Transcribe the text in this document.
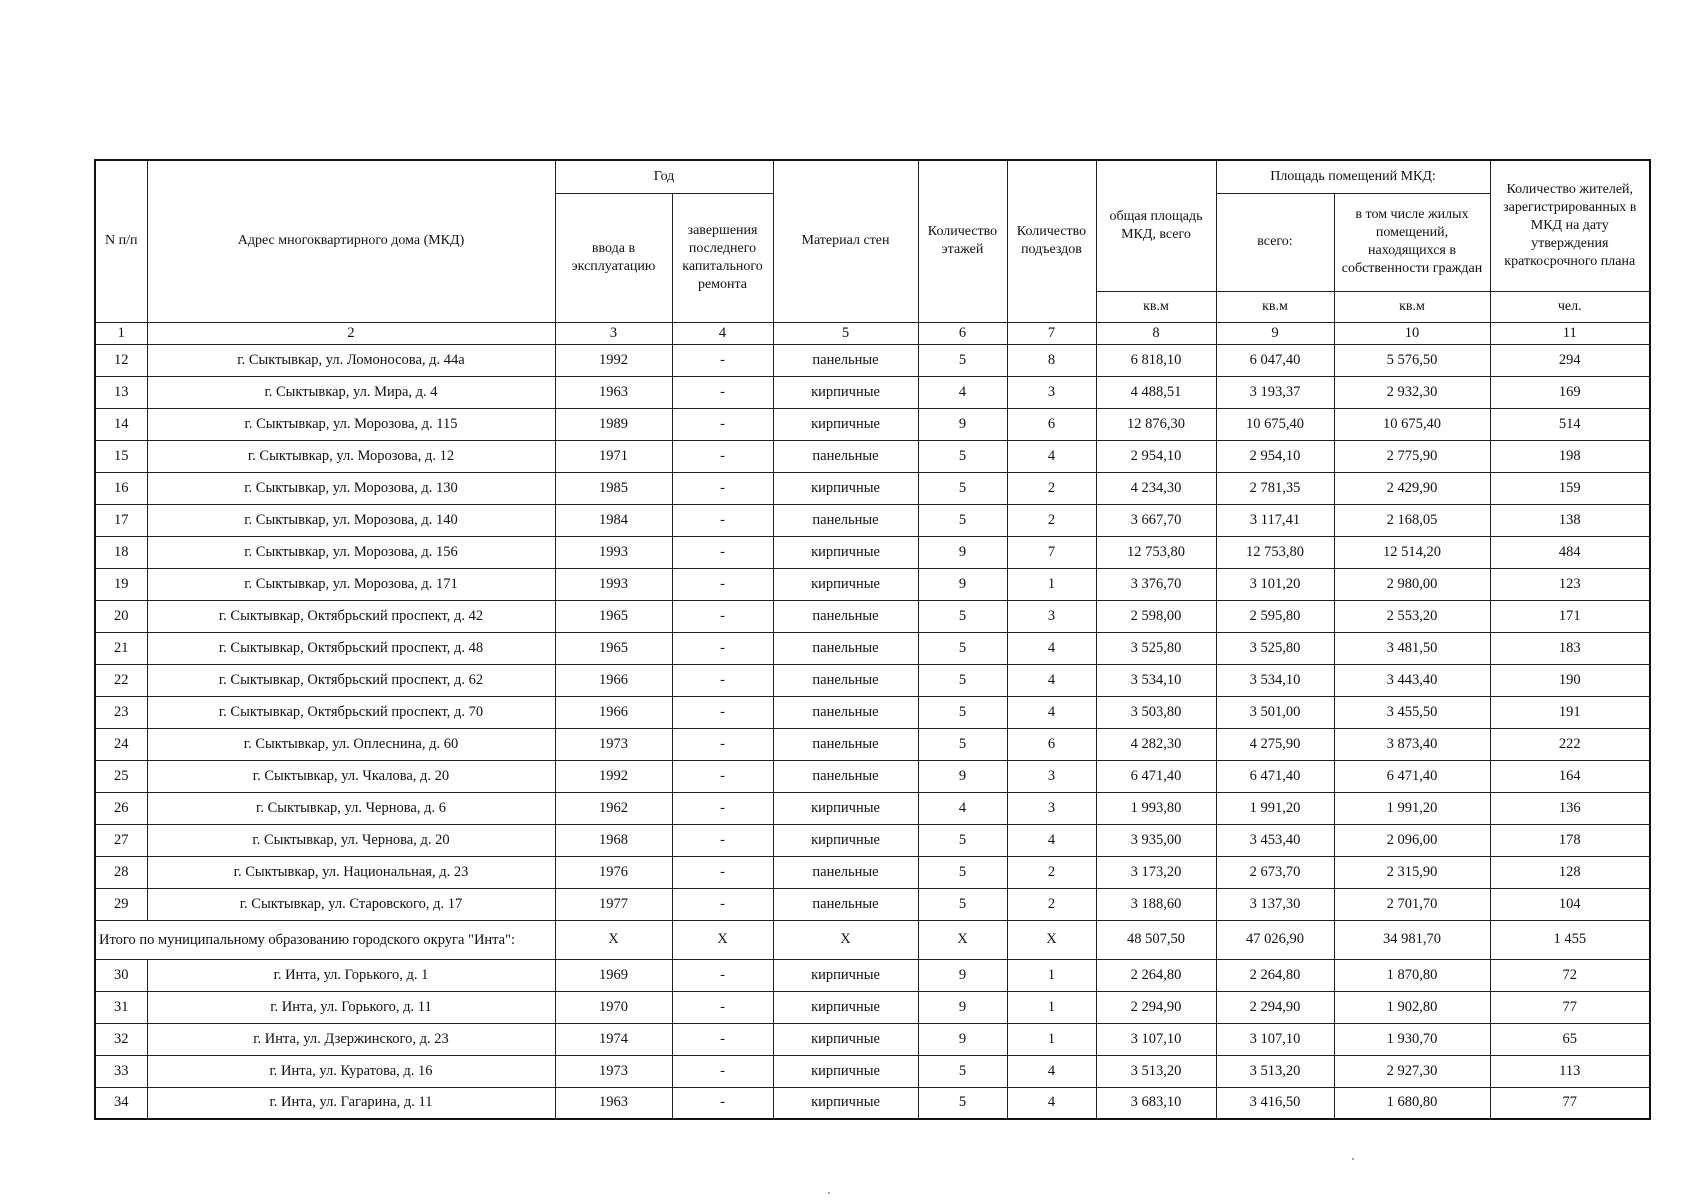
N п/п	Адрес многоквартирного дома (МКД)	Год		Материал стен	Количество этажей	Количество подъездов	общая площадь МКД, всего	Площадь помещений МКД:		Количество жителей, зарегистрированных в МКД на дату утверждения краткосрочного плана
		ввода в эксплуатацию	завершения последнего капитального ремонта					всего:	в том числе жилых помещений, находящихся в собственности граждан	
							кв.м	кв.м	кв.м	чел.
1	2	3	4	5	6	7	8	9	10	11
12	г. Сыктывкар, ул. Ломоносова, д. 44а	1992	-	панельные	5	8	6 818,10	6 047,40	5 576,50	294
13	г. Сыктывкар, ул. Мира, д. 4	1963	-	кирпичные	4	3	4 488,51	3 193,37	2 932,30	169
14	г. Сыктывкар, ул. Морозова, д. 115	1989	-	кирпичные	9	6	12 876,30	10 675,40	10 675,40	514
15	г. Сыктывкар, ул. Морозова, д. 12	1971	-	панельные	5	4	2 954,10	2 954,10	2 775,90	198
16	г. Сыктывкар, ул. Морозова, д. 130	1985	-	кирпичные	5	2	4 234,30	2 781,35	2 429,90	159
17	г. Сыктывкар, ул. Морозова, д. 140	1984	-	панельные	5	2	3 667,70	3 117,41	2 168,05	138
18	г. Сыктывкар, ул. Морозова, д. 156	1993	-	кирпичные	9	7	12 753,80	12 753,80	12 514,20	484
19	г. Сыктывкар, ул. Морозова, д. 171	1993	-	кирпичные	9	1	3 376,70	3 101,20	2 980,00	123
20	г. Сыктывкар, Октябрьский проспект, д. 42	1965	-	панельные	5	3	2 598,00	2 595,80	2 553,20	171
21	г. Сыктывкар, Октябрьский проспект, д. 48	1965	-	панельные	5	4	3 525,80	3 525,80	3 481,50	183
22	г. Сыктывкар, Октябрьский проспект, д. 62	1966	-	панельные	5	4	3 534,10	3 534,10	3 443,40	190
23	г. Сыктывкар, Октябрьский проспект, д. 70	1966	-	панельные	5	4	3 503,80	3 501,00	3 455,50	191
24	г. Сыктывкар, ул. Оплеснина, д. 60	1973	-	панельные	5	6	4 282,30	4 275,90	3 873,40	222
25	г. Сыктывкар, ул. Чкалова, д. 20	1992	-	панельные	9	3	6 471,40	6 471,40	6 471,40	164
26	г. Сыктывкар, ул. Чернова, д. 6	1962	-	кирпичные	4	3	1 993,80	1 991,20	1 991,20	136
27	г. Сыктывкар, ул. Чернова, д. 20	1968	-	кирпичные	5	4	3 935,00	3 453,40	2 096,00	178
28	г. Сыктывкар, ул. Национальная, д. 23	1976	-	панельные	5	2	3 173,20	2 673,70	2 315,90	128
29	г. Сыктывкар, ул. Старовского, д. 17	1977	-	панельные	5	2	3 188,60	3 137,30	2 701,70	104
Итого по муниципальному образованию городского округа "Инта":		X	X	X	X	X	48 507,50	47 026,90	34 981,70	1 455
30	г. Инта, ул. Горького, д. 1	1969	-	кирпичные	9	1	2 264,80	2 264,80	1 870,80	72
31	г. Инта, ул. Горького, д. 11	1970	-	кирпичные	9	1	2 294,90	2 294,90	1 902,80	77
32	г. Инта, ул. Дзержинского, д. 23	1974	-	кирпичные	9	1	3 107,10	3 107,10	1 930,70	65
33	г. Инта, ул. Куратова, д. 16	1973	-	кирпичные	5	4	3 513,20	3 513,20	2 927,30	113
34	г. Инта, ул. Гагарина, д. 11	1963	-	кирпичные	5	4	3 683,10	3 416,50	1 680,80	77
